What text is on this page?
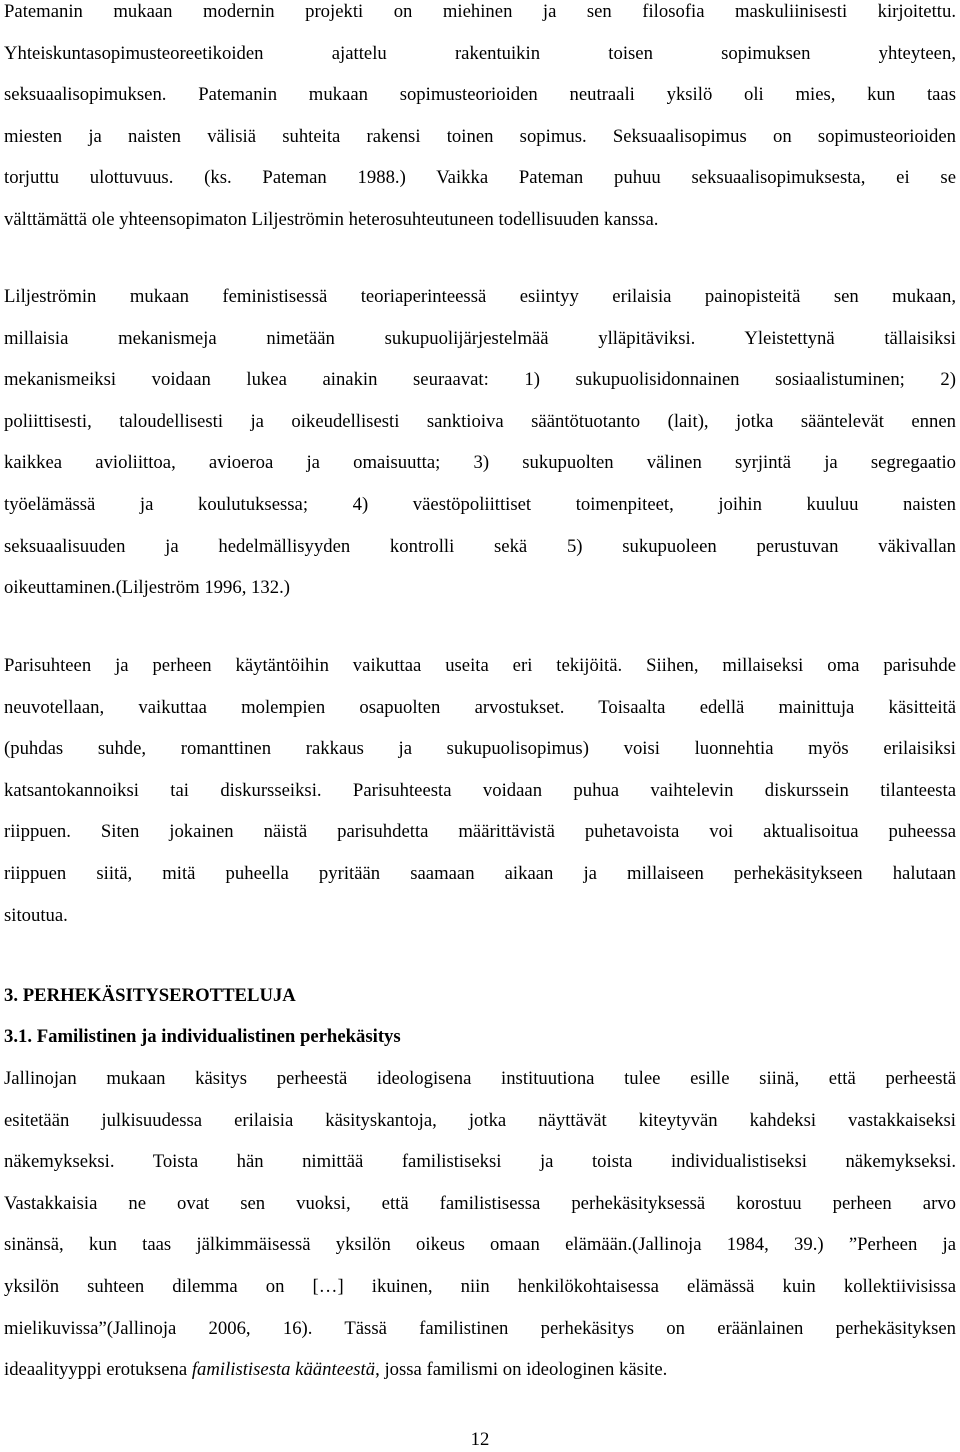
Patemanin mukaan modernin projekti on miehinen ja sen filosofia maskuliinisesti kirjoitettu.
Yhteiskuntasopimusteoreetikoiden ajattelu rakentuikin toisen sopimuksen yhteyteen,
seksuaalisopimuksen. Patemanin mukaan sopimusteorioiden neutraali yksilö oli mies, kun taas
miesten ja naisten välisiä suhteita rakensi toinen sopimus. Seksuaalisopimus on sopimusteorioiden
torjuttu ulottuvuus. (ks. Pateman 1988.) Vaikka Pateman puhuu seksuaalisopimuksesta, ei se
välttämättä ole yhteensopimaton Liljeströmin heterosuhteutuneen todellisuuden kanssa.
Liljeströmin mukaan feministisessä teoriaperinteessä esiintyy erilaisia painopisteitä sen mukaan,
millaisia mekanismeja nimetään sukupuolijärjestelmää ylläpitäviksi. Yleistettynä tällaisiksi
mekanismeiksi voidaan lukea ainakin seuraavat: 1) sukupuolisidonnainen sosiaalistuminen; 2)
poliittisesti, taloudellisesti ja oikeudellisesti sanktioiva sääntötuotanto (lait), jotka sääntelevät ennen
kaikkea avioliittoa, avioeroa ja omaisuutta; 3) sukupuolten välinen syrjintä ja segregaatio
työelämässä ja koulutuksessa; 4) väestöpoliittiset toimenpiteet, joihin kuuluu naisten
seksuaalisuuden ja hedelmällisyyden kontrolli sekä 5) sukupuoleen perustuvan väkivallan
oikeuttaminen.(Liljeström 1996, 132.)
Parisuhteen ja perheen käytäntöihin vaikuttaa useita eri tekijöitä. Siihen, millaiseksi oma parisuhde
neuvotellaan, vaikuttaa molempien osapuolten arvostukset. Toisaalta edellä mainittuja käsitteitä
(puhdas suhde, romanttinen rakkaus ja sukupuolisopimus) voisi luonnehtia myös erilaisiksi
katsantokannoiksi tai diskursseiksi. Parisuhteesta voidaan puhua vaihtelevin diskurssein tilanteesta
riippuen. Siten jokainen näistä parisuhdetta määrittävistä puhetavoista voi aktualisoitua puheessa
riippuen siitä, mitä puheella pyritään saamaan aikaan ja millaiseen perhekäsitykseen halutaan
sitoutua.
3. PERHEKÄSITYSEROTTELUJA
3.1. Familistinen ja individualistinen perhekäsitys
Jallinojan mukaan käsitys perheestä ideologisena instituutiona tulee esille siinä, että perheestä
esitetään julkisuudessa erilaisia käsityskantoja, jotka näyttävät kiteytyvän kahdeksi vastakkaiseksi
näkemykseksi. Toista hän nimittää familistiseksi ja toista individualistiseksi näkemykseksi.
Vastakkaisia ne ovat sen vuoksi, että familistisessa perhekäsityksessä korostuu perheen arvo
sinänsä, kun taas jälkimmäisessä yksilön oikeus omaan elämään.(Jallinoja 1984, 39.) ”Perheen ja
yksilön suhteen dilemma on […] ikuinen, niin henkilökohtaisessa elämässä kuin kollektiivisissa
mielikuvissa”(Jallinoja 2006, 16). Tässä familistinen perhekäsitys on eräänlainen perhekäsityksen
ideaalityyppi erotuksena familistisesta käänteestä, jossa familismi on ideologinen käsite.
12
